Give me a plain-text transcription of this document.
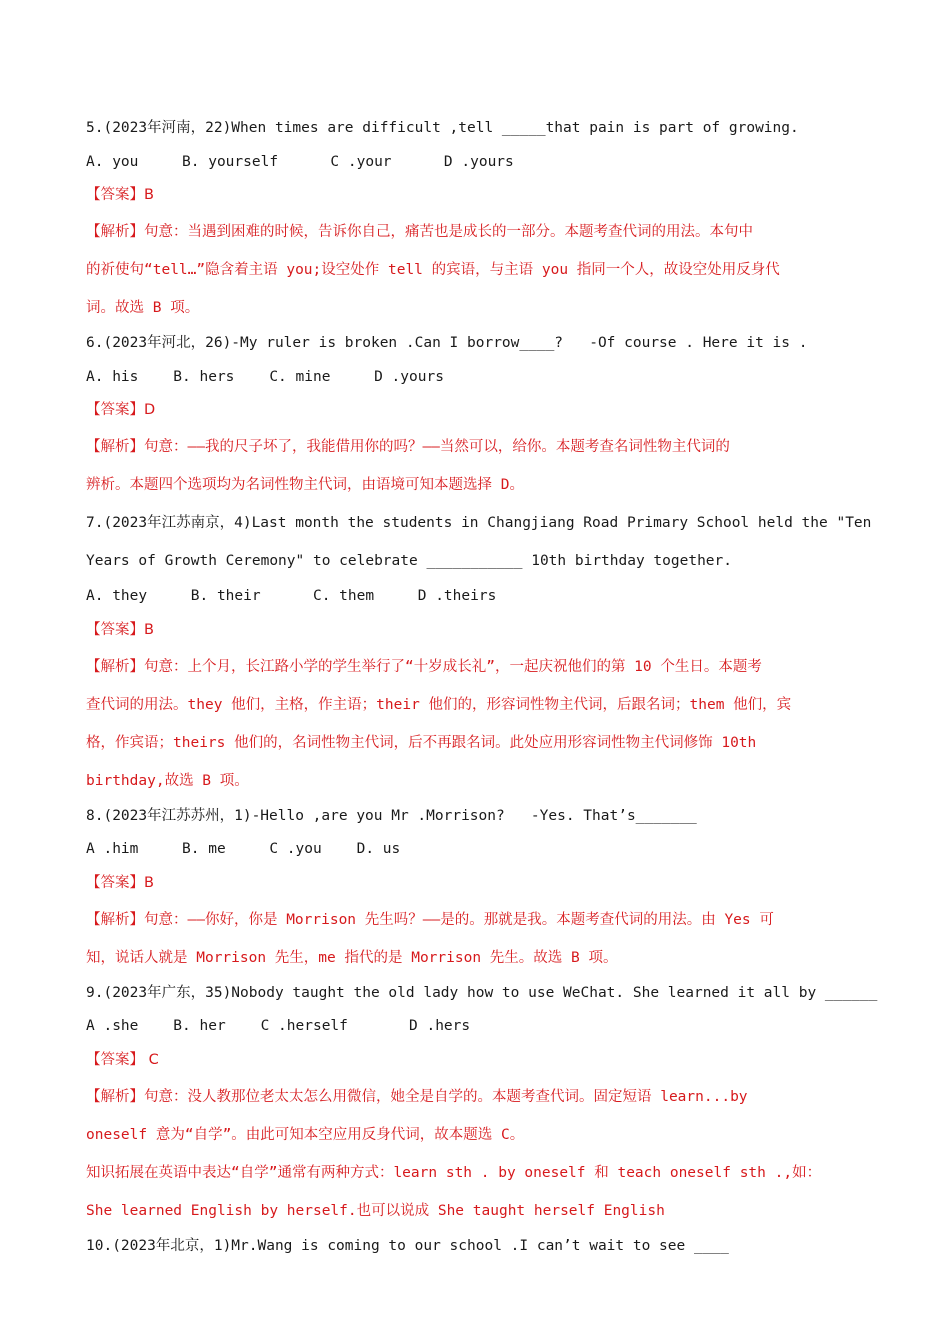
5.(2023年河南，22)When times are difficult ,tell _____that pain is part of growing.

A. you     B. yourself      C .your      D .yours

【答案】B

【解析】句意：当遇到困难的时候，告诉你自己，痛苦也是成长的一部分。本题考查代词的用法。本句中

的祈使句“tell…”隐含着主语 you;设空处作 tell 的宾语，与主语 you 指同一个人，故设空处用反身代

词。故选 B 项。

6.(2023年河北，26)-My ruler is broken .Can I borrow____?   -Of course . Here it is .

A. his    B. hers    C. mine     D .yours

【答案】D

【解析】句意：——我的尺子坏了，我能借用你的吗？——当然可以，给你。本题考查名词性物主代词的

辨析。本题四个选项均为名词性物主代词，由语境可知本题选择 D。

7.(2023年江苏南京，4)Last month the students in Changjiang Road Primary School held the "Ten

Years of Growth Ceremony" to celebrate ___________ 10th birthday together.

A. they     B. their      C. them     D .theirs

【答案】B

【解析】句意：上个月，长江路小学的学生举行了“十岁成长礼”，一起庆祝他们的第 10 个生日。本题考

查代词的用法。they 他们，主格，作主语；their 他们的，形容词性物主代词，后跟名词；them 他们，宾

格，作宾语；theirs 他们的，名词性物主代词，后不再跟名词。此处应用形容词性物主代词修饰 10th

birthday,故选 B 项。

8.(2023年江苏苏州，1)-Hello ,are you Mr .Morrison?   -Yes. That’s_______

A .him     B. me     C .you    D. us

【答案】B

【解析】句意：——你好，你是 Morrison 先生吗？——是的。那就是我。本题考查代词的用法。由 Yes 可

知，说话人就是 Morrison 先生，me 指代的是 Morrison 先生。故选 B 项。

9.(2023年广东，35)Nobody taught the old lady how to use WeChat. She learned it all by ______

A .she    B. her    C .herself       D .hers

【答案】 C

【解析】句意：没人教那位老太太怎么用微信，她全是自学的。本题考查代词。固定短语 learn...by

oneself 意为“自学”。由此可知本空应用反身代词，故本题选 C。

知识拓展在英语中表达“自学”通常有两种方式：learn sth . by oneself 和 teach oneself sth .,如：

She learned English by herself.也可以说成 She taught herself English

10.(2023年北京，1)Mr.Wang is coming to our school .I can’t wait to see ____
